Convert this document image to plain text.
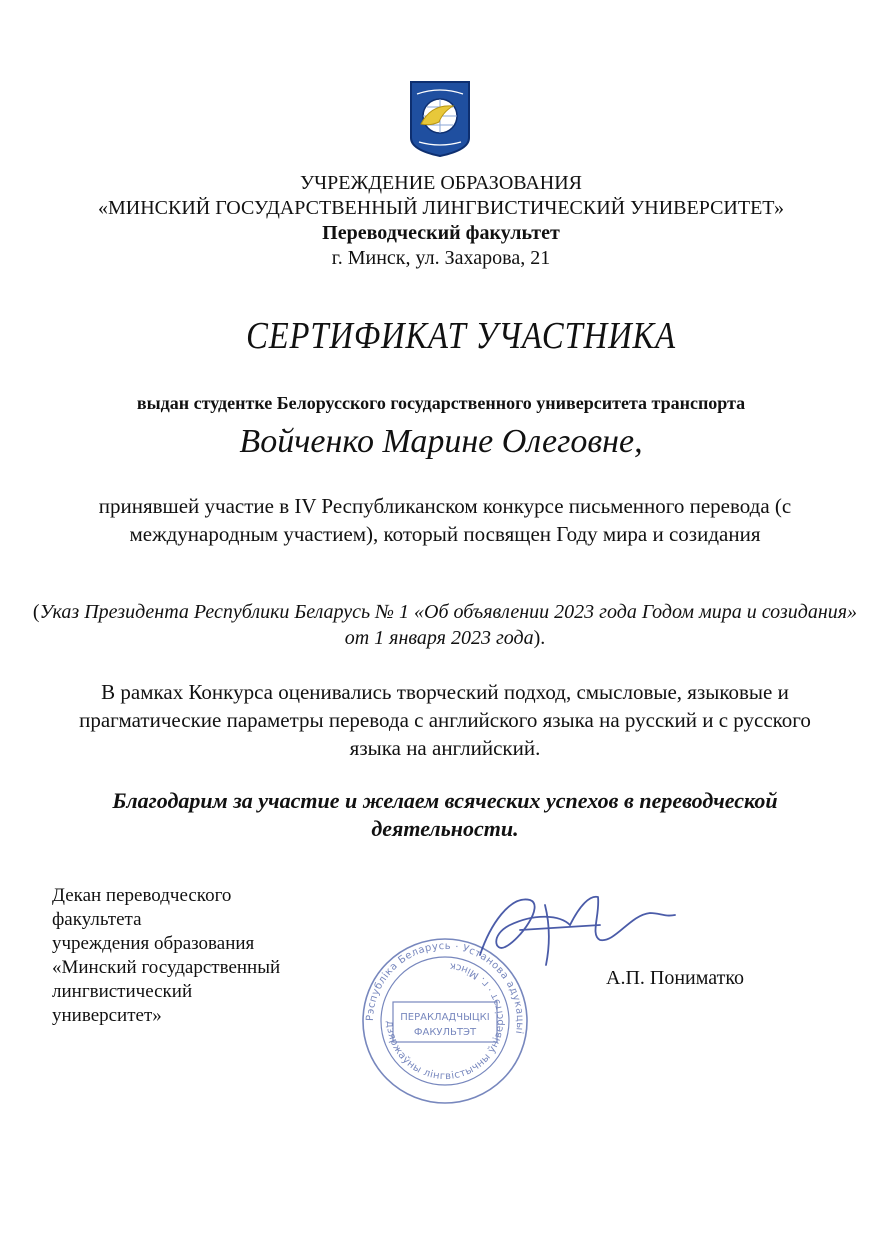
УЧРЕЖДЕНИЕ ОБРАЗОВАНИЯ
«МИНСКИЙ ГОСУДАРСТВЕННЫЙ ЛИНГВИСТИЧЕСКИЙ УНИВЕРСИТЕТ»
Переводческий факультет
г. Минск, ул. Захарова, 21
СЕРТИФИКАТ УЧАСТНИКА
выдан студентке Белорусского государственного университета транспорта
Войченко Марине Олеговне,
принявшей участие в IV Республиканском конкурсе письменного перевода (с международным участием), который посвящен Году мира и созидания
(Указ Президента Республики Беларусь № 1 «Об объявлении 2023 года Годом мира и созидания» от 1 января 2023 года).
В рамках Конкурса оценивались творческий подход, смысловые, языковые и прагматические параметры перевода с английского языка на русский и с русского языка на английский.
Благодарим за участие и желаем всяческих успехов в переводческой деятельности.
Декан переводческого
факультета
учреждения образования
«Минский государственный
лингвистический
университет»	Рэспубліка Беларусь · Установа адукацыі
дзяржаўны лінгвістычны ўніверсітэт · г. Мінск
ПЕРАКЛАДЧЫЦКІ
ФАКУЛЬТЭТ
А.П. Пониматко
